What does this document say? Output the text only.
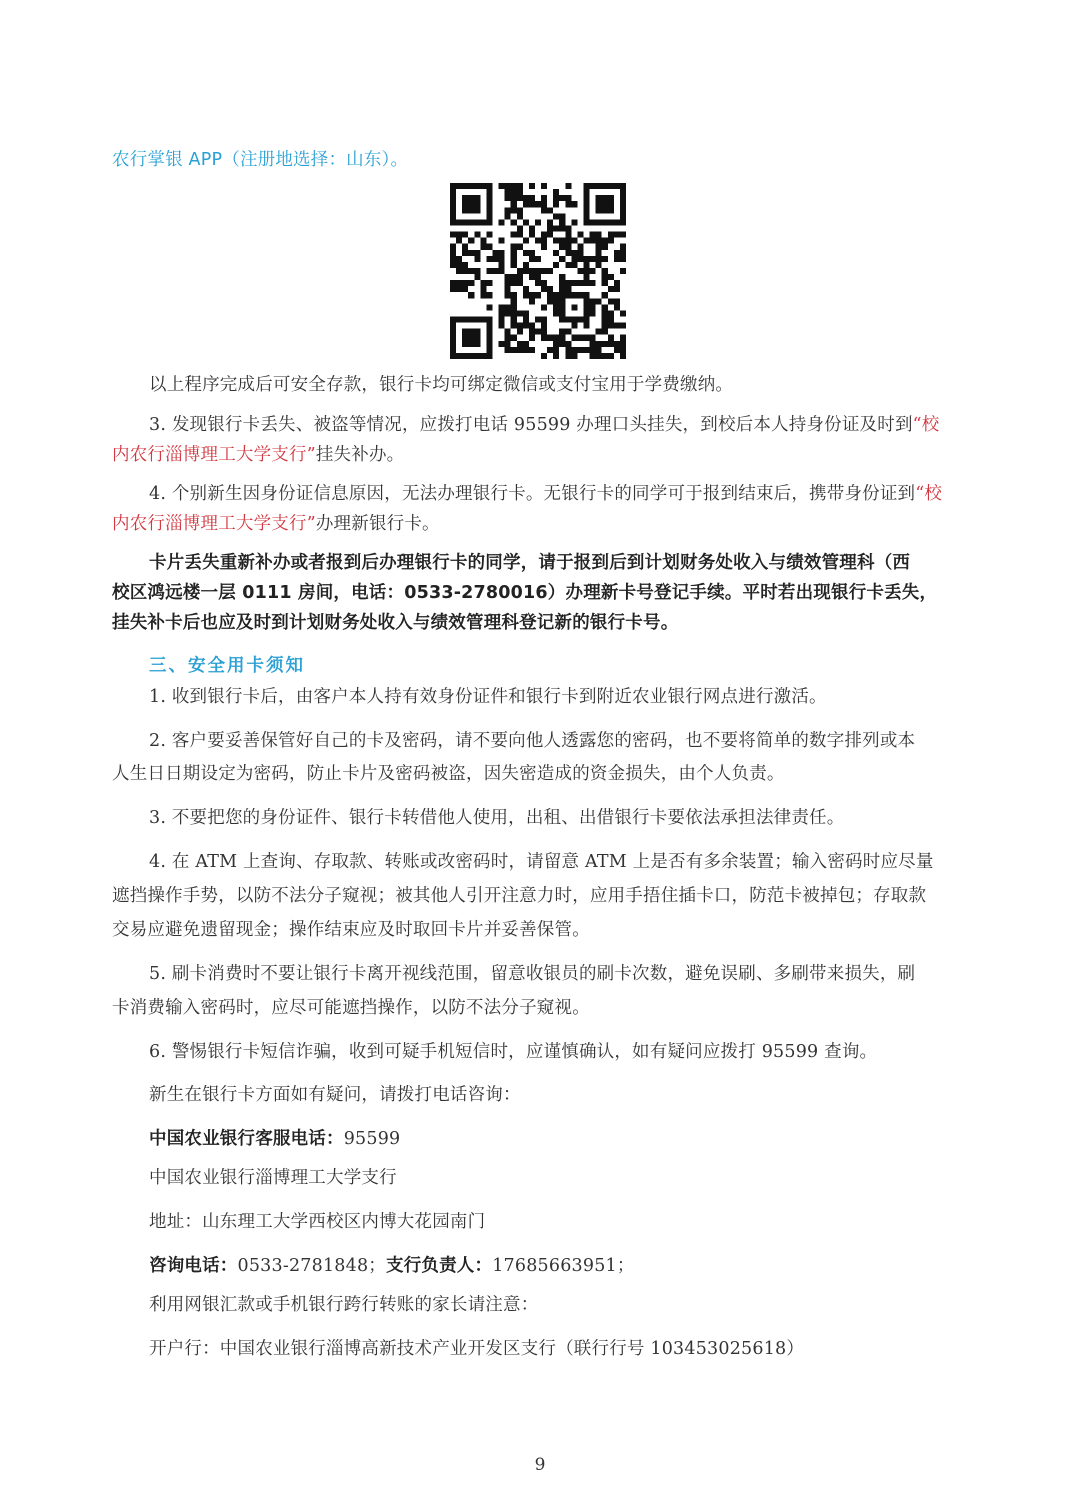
农行掌银 APP（注册地选择：山东）。
以上程序完成后可安全存款，银行卡均可绑定微信或支付宝用于学费缴纳。
3. 发现银行卡丢失、被盗等情况，应拨打电话 95599 办理口头挂失，到校后本人持身份证及时到“校
内农行淄博理工大学支行”挂失补办。
4. 个别新生因身份证信息原因，无法办理银行卡。无银行卡的同学可于报到结束后，携带身份证到“校
内农行淄博理工大学支行”办理新银行卡。
卡片丢失重新补办或者报到后办理银行卡的同学，请于报到后到计划财务处收入与绩效管理科（西
校区鸿远楼一层 0111 房间，电话：0533-2780016）办理新卡号登记手续。平时若出现银行卡丢失，
挂失补卡后也应及时到计划财务处收入与绩效管理科登记新的银行卡号。
三、安全用卡须知
1. 收到银行卡后，由客户本人持有效身份证件和银行卡到附近农业银行网点进行激活。
2. 客户要妥善保管好自己的卡及密码，请不要向他人透露您的密码，也不要将简单的数字排列或本
人生日日期设定为密码，防止卡片及密码被盗，因失密造成的资金损失，由个人负责。
3. 不要把您的身份证件、银行卡转借他人使用，出租、出借银行卡要依法承担法律责任。
4. 在 ATM 上查询、存取款、转账或改密码时，请留意 ATM 上是否有多余装置；输入密码时应尽量
遮挡操作手势，以防不法分子窥视；被其他人引开注意力时，应用手捂住插卡口，防范卡被掉包；存取款
交易应避免遗留现金；操作结束应及时取回卡片并妥善保管。
5. 刷卡消费时不要让银行卡离开视线范围，留意收银员的刷卡次数，避免误刷、多刷带来损失，刷
卡消费输入密码时，应尽可能遮挡操作，以防不法分子窥视。
6. 警惕银行卡短信诈骗，收到可疑手机短信时，应谨慎确认，如有疑问应拨打 95599 查询。
新生在银行卡方面如有疑问，请拨打电话咨询：
中国农业银行客服电话：95599
中国农业银行淄博理工大学支行
地址：山东理工大学西校区内博大花园南门
咨询电话：0533-2781848；支行负责人：17685663951；
利用网银汇款或手机银行跨行转账的家长请注意：
开户行：中国农业银行淄博高新技术产业开发区支行（联行行号 103453025618）
9
